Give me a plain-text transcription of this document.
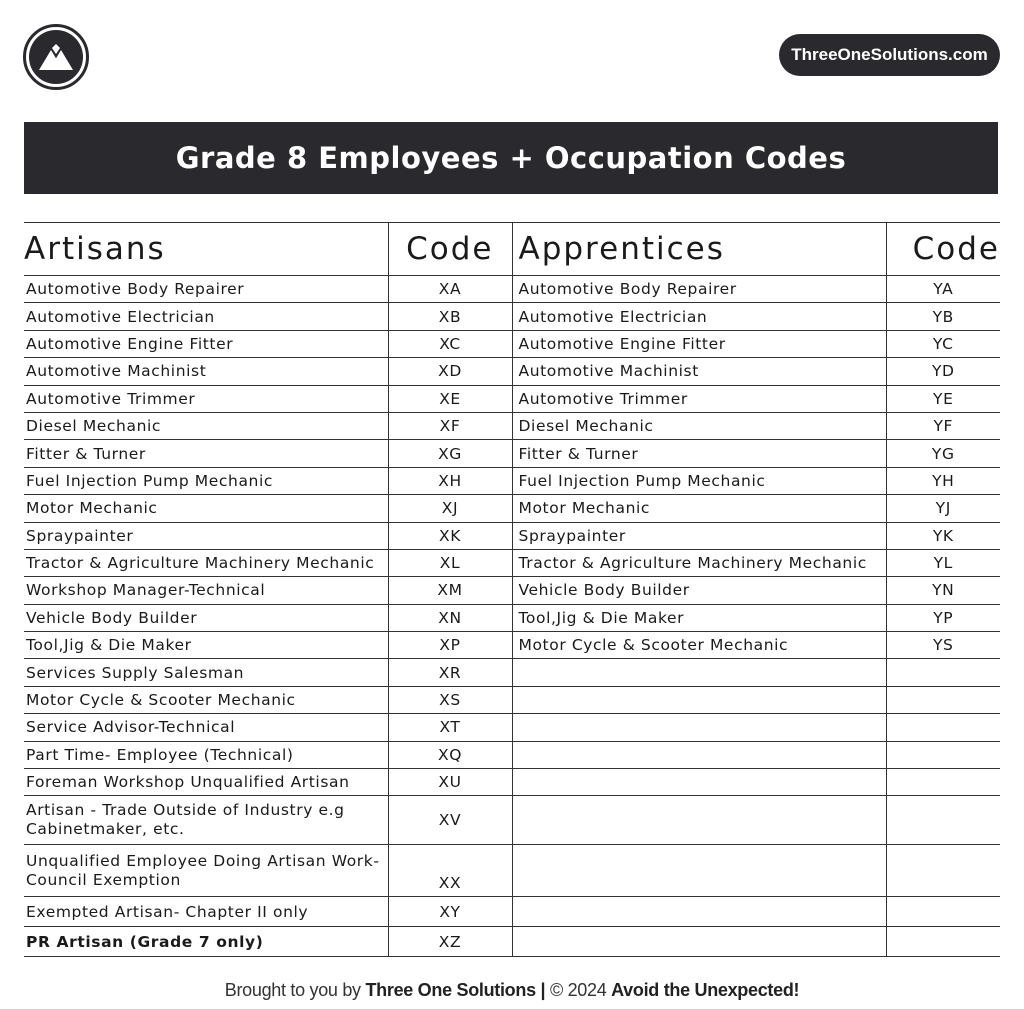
ThreeOneSolutions.com
Grade 8 Employees + Occupation Codes
Artisans	Code	Apprentices	Code
Automotive Body Repairer	XA	Automotive Body Repairer	YA
Automotive Electrician	XB	Automotive Electrician	YB
Automotive Engine Fitter	XC	Automotive Engine Fitter	YC
Automotive Machinist	XD	Automotive Machinist	YD
Automotive Trimmer	XE	Automotive Trimmer	YE
Diesel Mechanic	XF	Diesel Mechanic	YF
Fitter & Turner	XG	Fitter & Turner	YG
Fuel Injection Pump Mechanic	XH	Fuel Injection Pump Mechanic	YH
Motor Mechanic	XJ	Motor Mechanic	YJ
Spraypainter	XK	Spraypainter	YK
Tractor & Agriculture Machinery Mechanic	XL	Tractor & Agriculture Machinery Mechanic	YL
Workshop Manager-Technical	XM	Vehicle Body Builder	YN
Vehicle Body Builder	XN	Tool,Jig & Die Maker	YP
Tool,Jig & Die Maker	XP	Motor Cycle & Scooter Mechanic	YS
Services Supply Salesman	XR		
Motor Cycle & Scooter Mechanic	XS		
Service Advisor-Technical	XT		
Part Time- Employee (Technical)	XQ		
Foreman Workshop Unqualified Artisan	XU		
Artisan - Trade Outside of Industry e.g Cabinetmaker, etc.	XV		
Unqualified Employee Doing Artisan Work- Council Exemption	XX		
Exempted Artisan- Chapter II only	XY		
PR Artisan (Grade 7 only)	XZ		
Brought to you by Three One Solutions | © 2024 Avoid the Unexpected!
